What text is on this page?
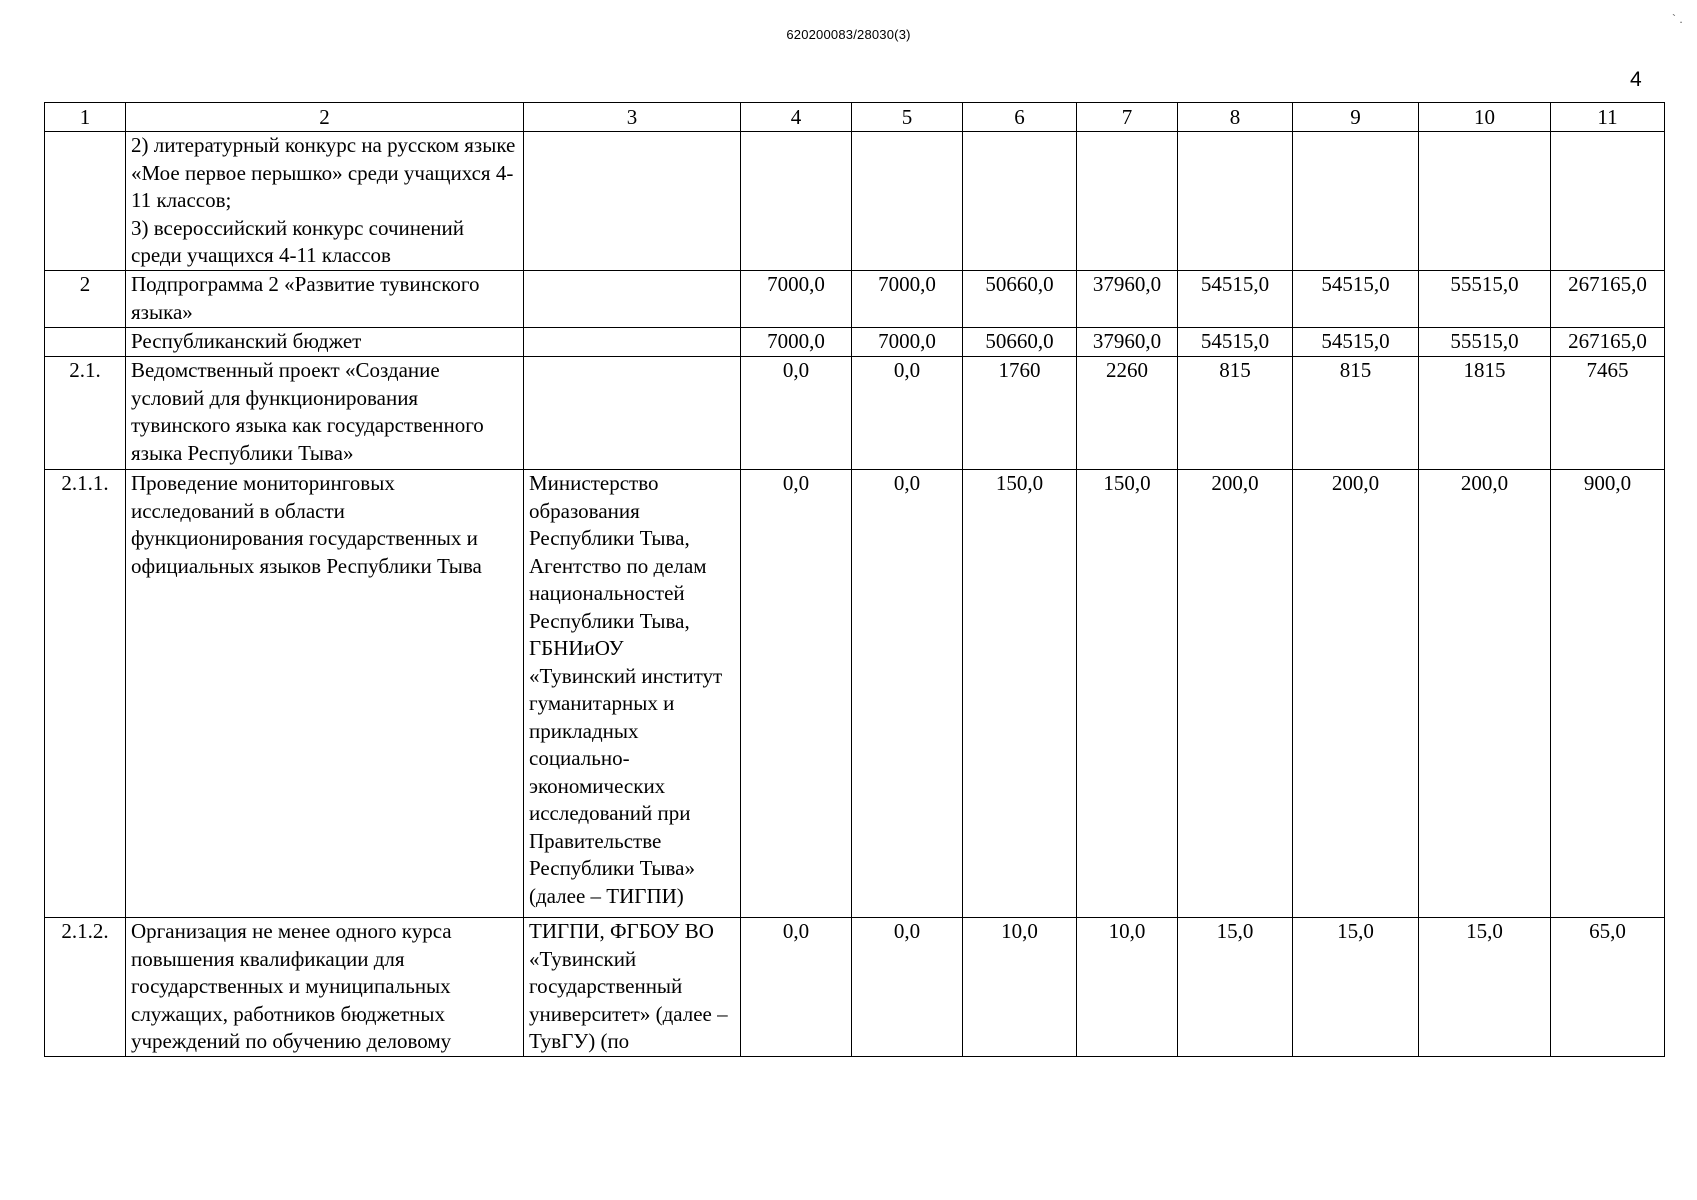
620200083/28030(3)
4
` .
1	2	3	4	5	6	7	8	9	10	11
	2) литературный конкурс на русском языке «Мое первое перышко» среди учащихся 4-11 классов;
3) всероссийский конкурс сочинений среди учащихся 4-11 классов									
2	Подпрограмма 2 «Развитие тувинского языка»		7000,0	7000,0	50660,0	37960,0	54515,0	54515,0	55515,0	267165,0
	Республиканский бюджет		7000,0	7000,0	50660,0	37960,0	54515,0	54515,0	55515,0	267165,0
2.1.	Ведомственный проект «Создание условий для функционирования тувинского языка как государственного языка Республики Тыва»		0,0	0,0	1760	2260	815	815	1815	7465
2.1.1.	Проведение мониторинговых исследований в области функционирования государственных и официальных языков Республики Тыва	Министерство образования Республики Тыва, Агентство по делам национальностей Республики Тыва, ГБНИиОУ «Тувинский институт гуманитарных и прикладных социально-экономических исследований при Правительстве Республики Тыва» (далее – ТИГПИ)	0,0	0,0	150,0	150,0	200,0	200,0	200,0	900,0
2.1.2.	Организация не менее одного курса повышения квалификации для государственных и муниципальных служащих, работников бюджетных учреждений по обучению деловому	ТИГПИ, ФГБОУ ВО «Тувинский государственный университет» (далее – ТувГУ) (по	0,0	0,0	10,0	10,0	15,0	15,0	15,0	65,0
